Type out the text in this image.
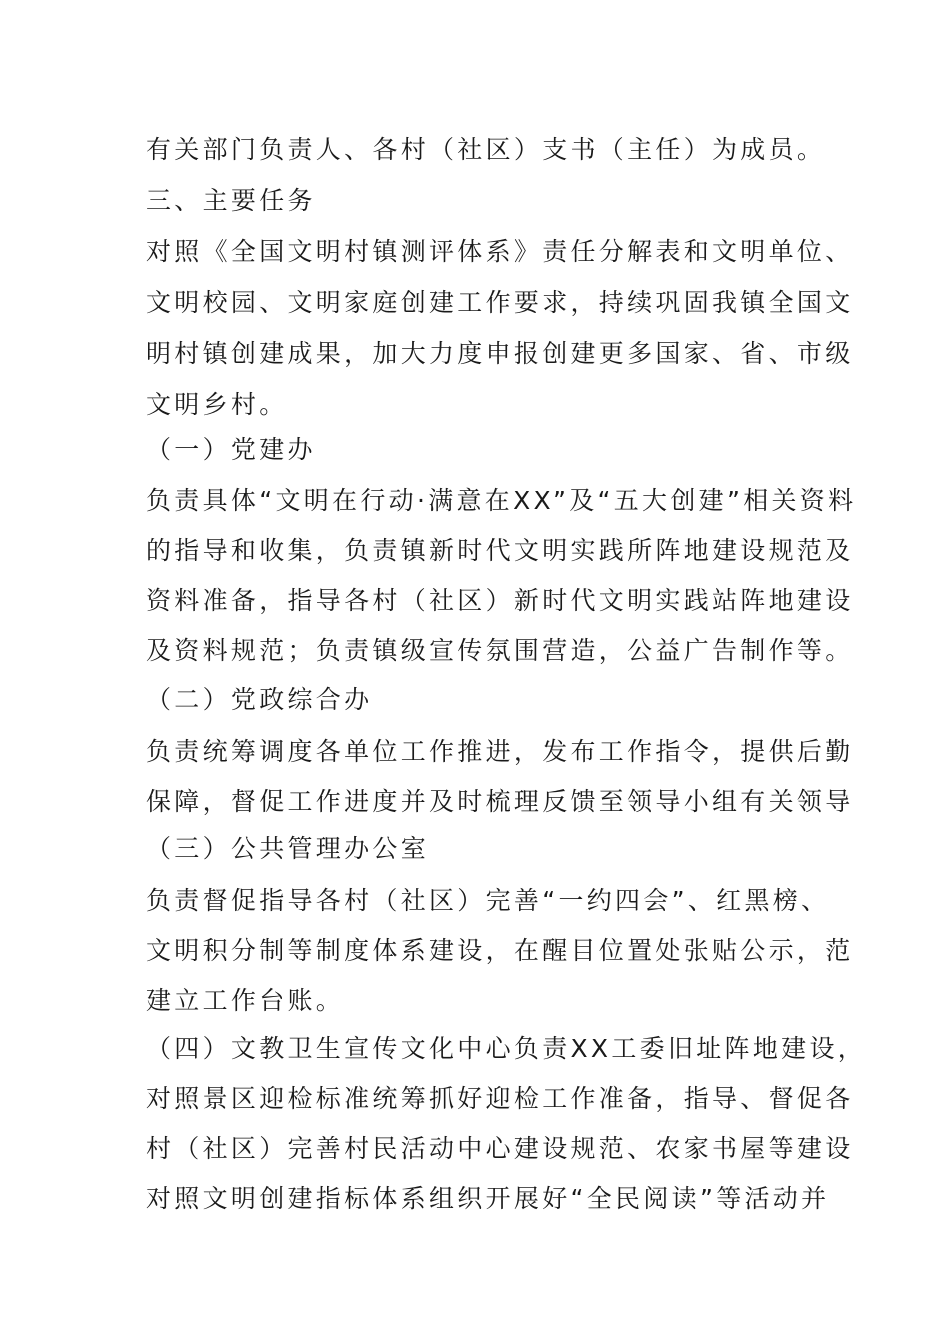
有关部门负责人、各村（社区）支书（主任）为成员。
三、主要任务
对照《全国文明村镇测评体系》责任分解表和文明单位、
文明校园、文明家庭创建工作要求，持续巩固我镇全国文
明村镇创建成果，加大力度申报创建更多国家、省、市级
文明乡村。
（一）党建办
负责具体“文明在行动·满意在XX”及“五大创建”相关资料
的指导和收集，负责镇新时代文明实践所阵地建设规范及
资料准备，指导各村（社区）新时代文明实践站阵地建设
及资料规范；负责镇级宣传氛围营造，公益广告制作等。
（二）党政综合办
负责统筹调度各单位工作推进，发布工作指令，提供后勤
保障，督促工作进度并及时梳理反馈至领导小组有关领导
（三）公共管理办公室
负责督促指导各村（社区）完善“一约四会”、红黑榜、
文明积分制等制度体系建设，在醒目位置处张贴公示，范
建立工作台账。
（四）文教卫生宣传文化中心负责XX工委旧址阵地建设，
对照景区迎检标准统筹抓好迎检工作准备，指导、督促各
村（社区）完善村民活动中心建设规范、农家书屋等建设
对照文明创建指标体系组织开展好“全民阅读”等活动并
